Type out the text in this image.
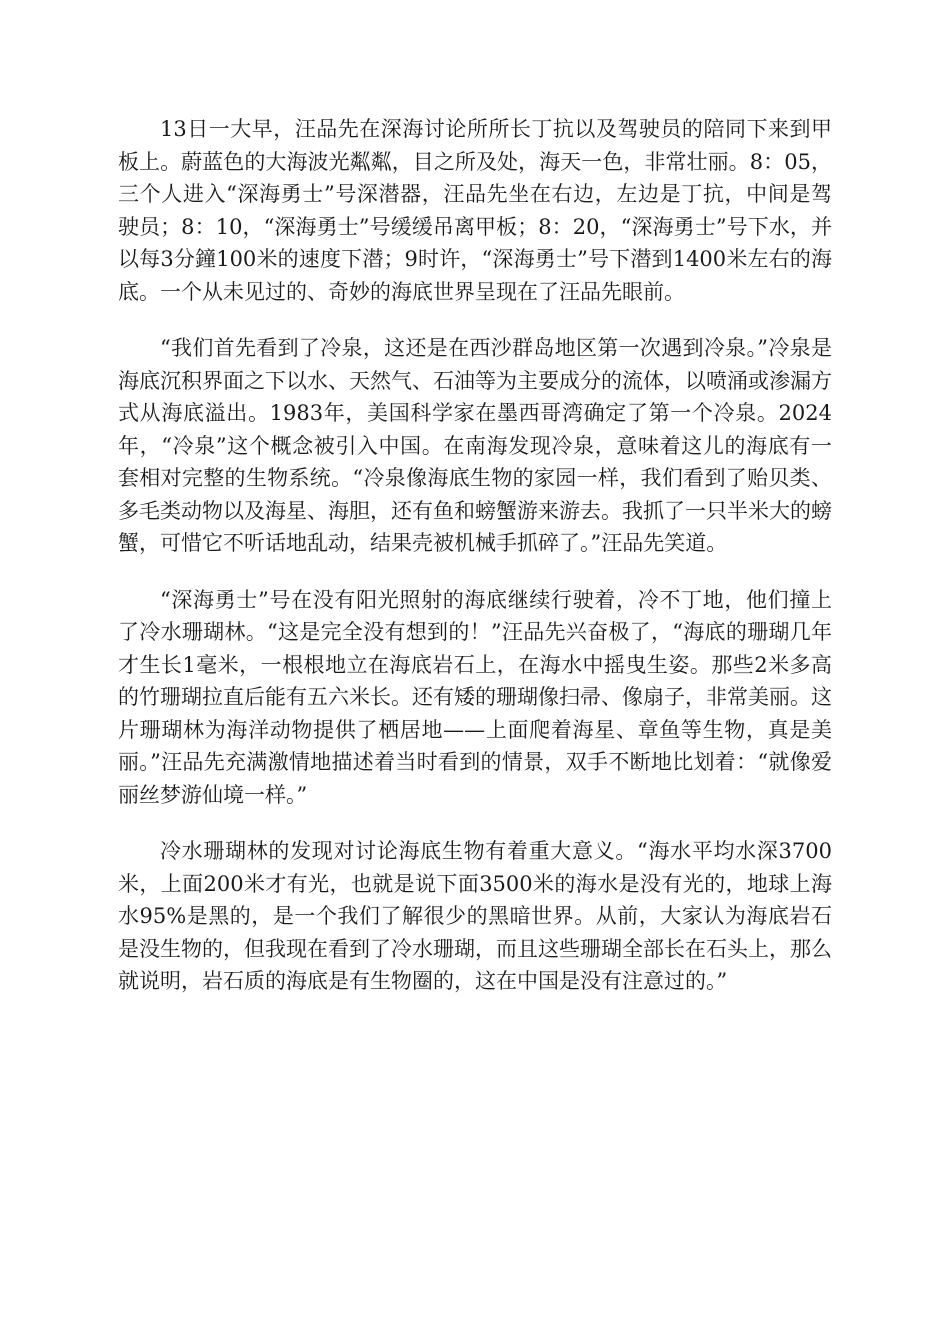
13日一大早，汪品先在深海讨论所所长丁抗以及驾驶员的陪同下来到甲板上。蔚蓝色的大海波光粼粼，目之所及处，海天一色，非常壮丽。8：05，三个人进入“深海勇士”号深潜器，汪品先坐在右边，左边是丁抗，中间是驾驶员；8：10，“深海勇士”号缓缓吊离甲板；8：20，“深海勇士”号下水，并以每3分鐘100米的速度下潜；9时许，“深海勇士”号下潜到1400米左右的海底。一个从未见过的、奇妙的海底世界呈现在了汪品先眼前。

“我们首先看到了冷泉，这还是在西沙群岛地区第一次遇到冷泉。”冷泉是海底沉积界面之下以水、天然气、石油等为主要成分的流体，以喷涌或渗漏方式从海底溢出。1983年，美国科学家在墨西哥湾确定了第一个冷泉。2024年，“冷泉”这个概念被引入中国。在南海发现冷泉，意味着这儿的海底有一套相对完整的生物系统。“冷泉像海底生物的家园一样，我们看到了贻贝类、多毛类动物以及海星、海胆，还有鱼和螃蟹游来游去。我抓了一只半米大的螃蟹，可惜它不听话地乱动，结果壳被机械手抓碎了。”汪品先笑道。

“深海勇士”号在没有阳光照射的海底继续行驶着，冷不丁地，他们撞上了冷水珊瑚林。“这是完全没有想到的！”汪品先兴奋极了，“海底的珊瑚几年才生长1毫米，一根根地立在海底岩石上，在海水中摇曳生姿。那些2米多高的竹珊瑚拉直后能有五六米长。还有矮的珊瑚像扫帚、像扇子，非常美丽。这片珊瑚林为海洋动物提供了栖居地——上面爬着海星、章鱼等生物，真是美丽。”汪品先充满激情地描述着当时看到的情景，双手不断地比划着：“就像爱丽丝梦游仙境一样。”

冷水珊瑚林的发现对讨论海底生物有着重大意义。“海水平均水深3700米，上面200米才有光，也就是说下面3500米的海水是没有光的，地球上海水95%是黑的，是一个我们了解很少的黑暗世界。从前，大家认为海底岩石是没生物的，但我现在看到了冷水珊瑚，而且这些珊瑚全部长在石头上，那么就说明，岩石质的海底是有生物圈的，这在中国是没有注意过的。”
